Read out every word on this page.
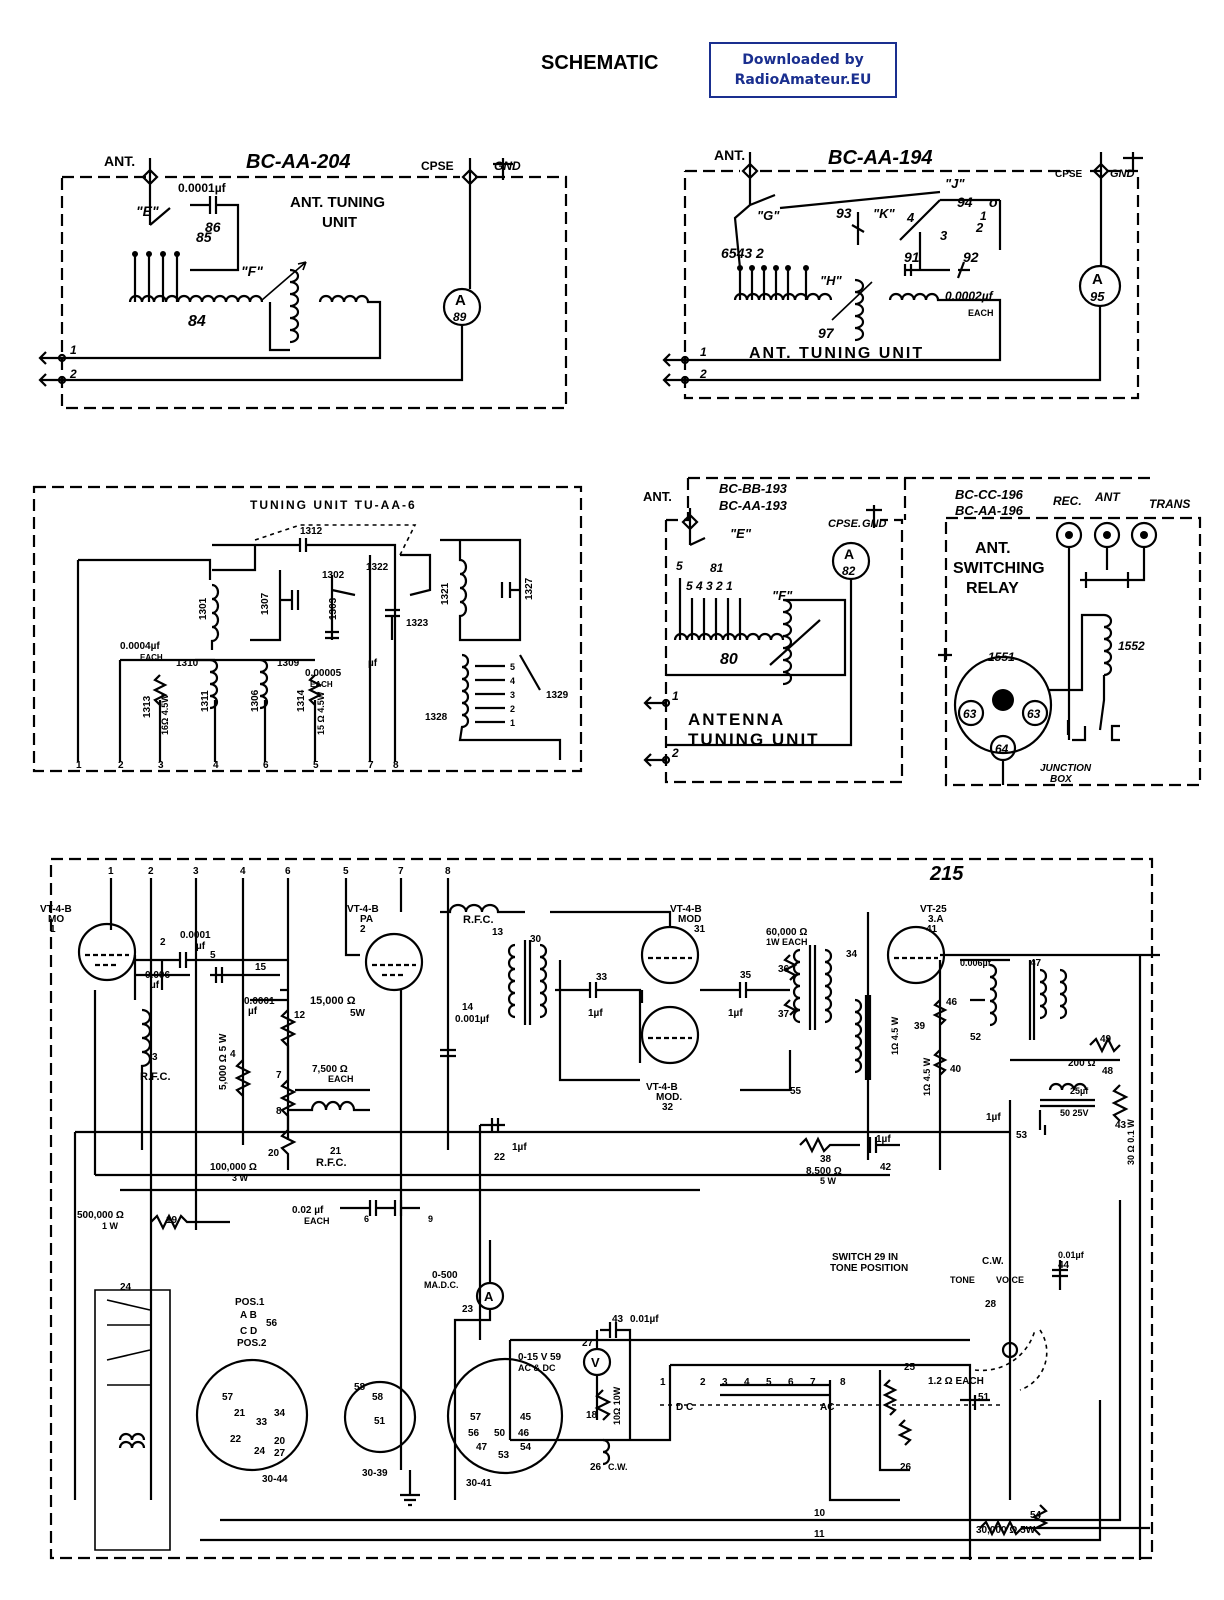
SCHEMATIC	Downloaded by
RadioAmateur.EU
215
BC-AA-204
ANT.	CPSE	GND
0.0001µf
86
ANT. TUNING
UNIT
"E"
85
"F"
84
A
89
1
2
BC-AA-194
ANT.
CPSE	GND
"G"
"J"
"K"
"H"
6543 2
93
94 o
1
4
2
3
91	92
97
0.0002µf
EACH
ANT. TUNING UNIT
A
95
1
2
TUNING UNIT TU-AA-6
1312
1302
1322
1321	1327
1301	1307	1303
1323
1310	1309
1311	1306
1313	1314
1328
1329
0.0004µf
EACH
0.00005
EACH
µf
16Ω 4.5W	15 Ω 4.5W
1	2	3	4	6	5	7 8
5
4
3
2
1
BC-BB-193
BC-AA-193
ANT.
CPSE. GND
"E"
81
5
5 4 3 2 1
"F"
80
A
82
ANTENNA
TUNING UNIT
1
2
BC-CC-196
BC-AA-196
REC. ANT TRANS
ANT.
SWITCHING
RELAY
1552
63	63
64
1551
JUNCTION
BOX
1	2	3	4	6	5	7	8
VT-4-B
MO
1
VT-4-B
PA
2
VT-4-B
MOD
31
VT-4-B
MOD.
32
VT-25
3.A
41
A
V
2
5
0.0001
µf
0.006
µf
15
0.0001
µf
R.F.C.
3	5,000 Ω 5 W 4
15,000 Ω
5W
12
7,500 Ω
EACH
7
8
R.F.C.
21
20
100,000 Ω
3 W
500,000 Ω
1 W	19
0.02 µf
EACH	6	9
R.F.C.
13
14
0.001µf
30
33
1µf
35
1µf
60,000 Ω
1W EACH
36
37
34
55
1Ω 4.5 W 39
1Ω 4.5 W 40
22
1µf
8,500 Ω
5 W
38
42
1µf
46
0.006µf
52
47
49
200 Ω
48
25µf
50 25V
43 30 Ω 0.1 W
1µf
53
0-500
MA.D.C.
23
0-15 V
AC & DC
27
43 0.01µf
18 10Ω 10W
26 C.W.
24
POS.1
A B
C D
56
POS.2
SWITCH 29 IN
TONE POSITION
C.W.
TONE VOICE
28
0.01µf
44
25
1.2 Ω EACH
26
30,000 Ω 5W
54
51
D C	AC
10
11
1	2 3 4 5 6 7 8
57
21
33
34
22
24
20
27
30-44
58
51
30-39
57	45
56 50 46
47
53
54
30-41
58
59
